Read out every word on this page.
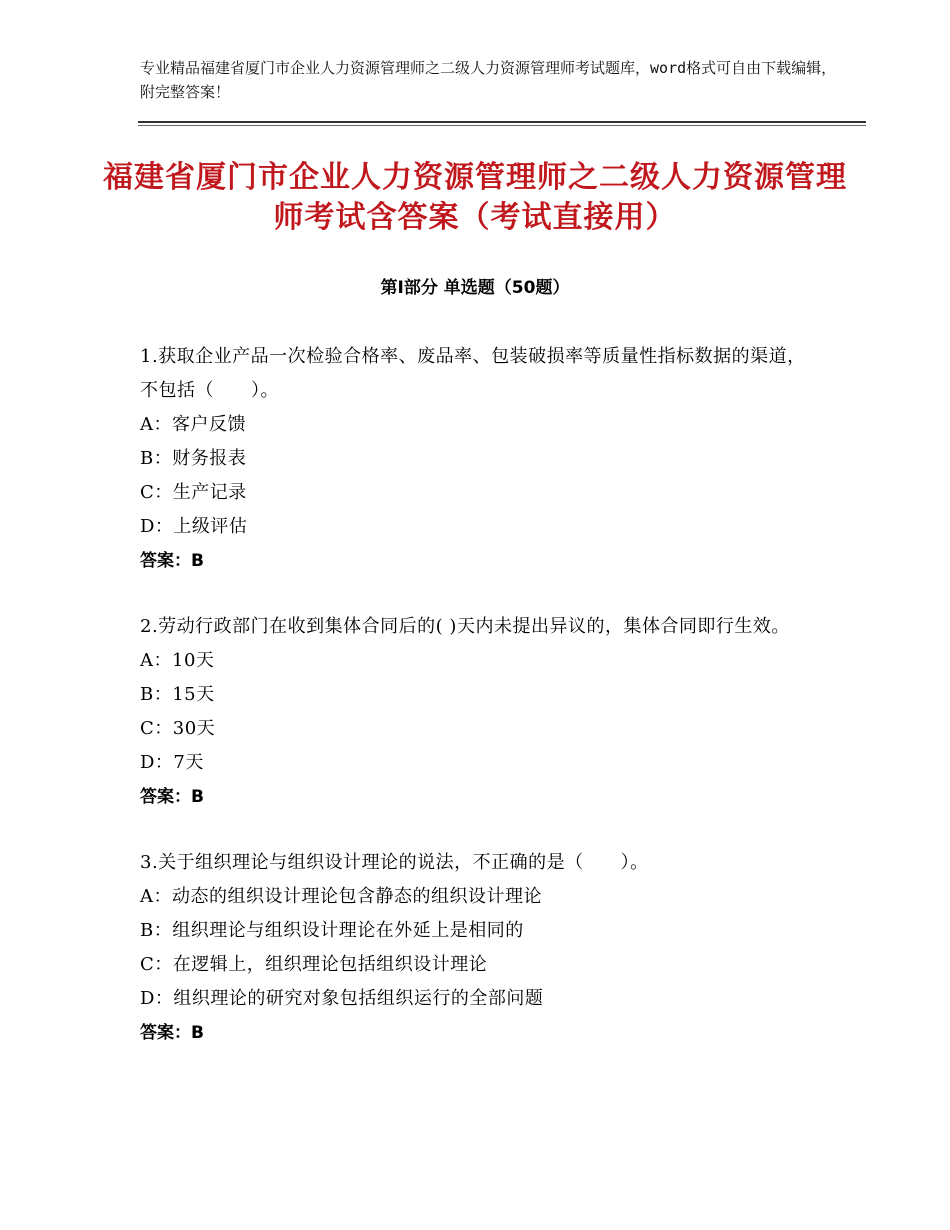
专业精品福建省厦门市企业人力资源管理师之二级人力资源管理师考试题库，word格式可自由下载编辑，附完整答案！
福建省厦门市企业人力资源管理师之二级人力资源管理师考试含答案（考试直接用）
第Ⅰ部分 单选题（50题）
1.获取企业产品一次检验合格率、废品率、包装破损率等质量性指标数据的渠道，不包括（　　）。
A：客户反馈
B：财务报表
C：生产记录
D：上级评估
答案：B
2.劳动行政部门在收到集体合同后的( )天内未提出异议的，集体合同即行生效。
A：10天
B：15天
C：30天
D：7天
答案：B
3.关于组织理论与组织设计理论的说法，不正确的是（　　）。
A：动态的组织设计理论包含静态的组织设计理论
B：组织理论与组织设计理论在外延上是相同的
C：在逻辑上，组织理论包括组织设计理论
D：组织理论的研究对象包括组织运行的全部问题
答案：B
